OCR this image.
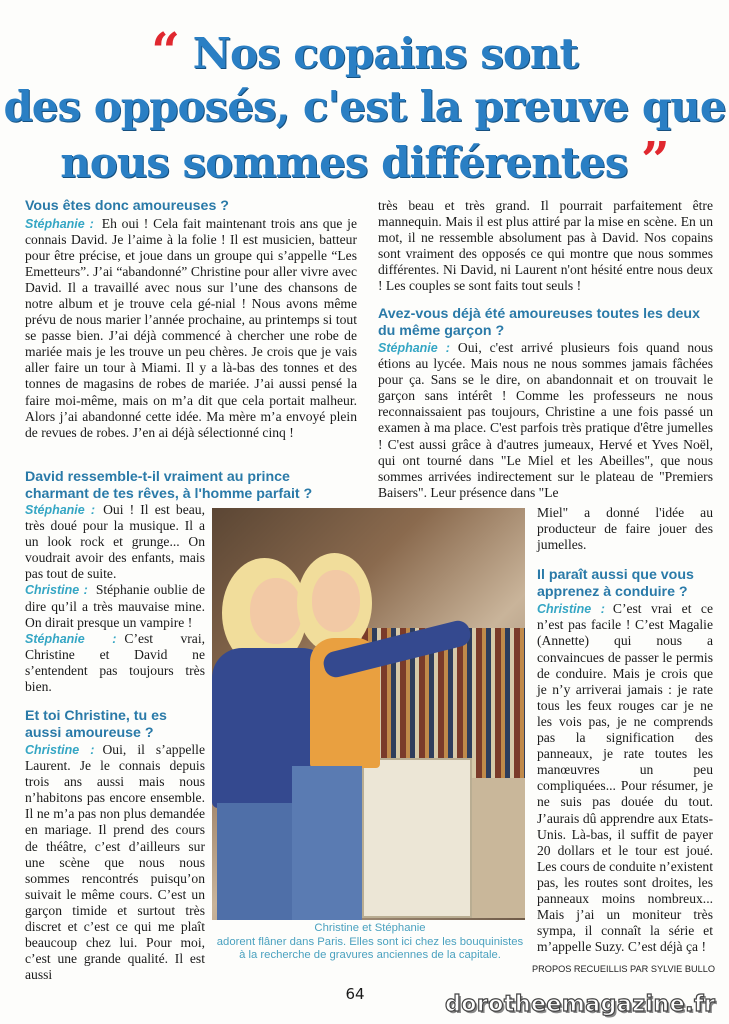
“ Nos copains sont
des opposés, c'est la preuve que
nous sommes différentes ”
Vous êtes donc amoureuses ?

Stéphanie : Eh oui ! Cela fait maintenant trois ans que je connais David. Je l’aime à la folie ! Il est musicien, batteur pour être précise, et joue dans un groupe qui s’appelle “Les Emetteurs”. J’ai “abandonné” Christine pour aller vivre avec David. Il a travaillé avec nous sur l’une des chansons de notre album et je trouve cela gé-nial ! Nous avons même prévu de nous marier l’année prochaine, au printemps si tout se passe bien. J’ai déjà commencé à chercher une robe de mariée mais je les trouve un peu chères. Je crois que je vais aller faire un tour à Miami. Il y a là-bas des tonnes et des tonnes de magasins de robes de mariée. J’ai aussi pensé la faire moi-même, mais on m’a dit que cela portait malheur. Alors j’ai abandonné cette idée. Ma mère m’a envoyé plein de revues de robes. J’en ai déjà sélectionné cinq !

David ressemble-t-il vraiment au prince charmant de tes rêves, à l'homme parfait ?

Stéphanie : Oui ! Il est beau, très doué pour la musique. Il a un look rock et grunge... On voudrait avoir des enfants, mais pas tout de suite.

Christine : Stéphanie oublie de dire qu’il a très mauvaise mine. On dirait presque un vampire !

Stéphanie : C’est vrai, Christine et David ne s’entendent pas toujours très bien.

Et toi Christine, tu es aussi amoureuse ?

Christine : Oui, il s’appelle Laurent. Je le connais depuis trois ans aussi mais nous n’habitons pas encore ensemble. Il ne m’a pas non plus demandée en mariage. Il prend des cours de théâtre, c’est d’ailleurs sur une scène que nous nous sommes rencontrés puisqu’on suivait le même cours. C’est un garçon timide et surtout très discret et c’est ce qui me plaît beaucoup chez lui. Pour moi, c’est une grande qualité. Il est aussi

très beau et très grand. Il pourrait parfaitement être mannequin. Mais il est plus attiré par la mise en scène. En un mot, il ne ressemble absolument pas à David. Nos copains sont vraiment des opposés ce qui montre que nous sommes différentes. Ni David, ni Laurent n'ont hésité entre nous deux ! Les couples se sont faits tout seuls !

Avez-vous déjà été amoureuses toutes les deux du même garçon ?

Stéphanie : Oui, c'est arrivé plusieurs fois quand nous étions au lycée. Mais nous ne nous sommes jamais fâchées pour ça. Sans se le dire, on abandonnait et on trouvait le garçon sans intérêt ! Comme les professeurs ne nous reconnaissaient pas toujours, Christine a une fois passé un examen à ma place. C'est parfois très pratique d'être jumelles ! C'est aussi grâce à d'autres jumeaux, Hervé et Yves Noël, qui ont tourné dans "Le Miel et les Abeilles", que nous sommes arrivées indirectement sur le plateau de "Premiers Baisers". Leur présence dans "Le

Miel" a donné l'idée au producteur de faire jouer des jumelles.

Il paraît aussi que vous apprenez à conduire ?

Christine : C’est vrai et ce n’est pas facile ! C’est Magalie (Annette) qui nous a convaincues de passer le permis de conduire. Mais je crois que je n’y arriverai jamais : je rate tous les feux rouges car je ne les vois pas, je ne comprends pas la signification des panneaux, je rate toutes les manœuvres un peu compliquées... Pour résumer, je ne suis pas douée du tout. J’aurais dû apprendre aux Etats-Unis. Là-bas, il suffit de payer 20 dollars et le tour est joué. Les cours de conduite n’existent pas, les routes sont droites, les panneaux moins nombreux... Mais j’ai un moniteur très sympa, il connaît la série et m’appelle Suzy. C’est déjà ça !

Christine et Stéphanie
adorent flâner dans Paris. Elles sont ici chez les bouquinistes à la recherche de gravures anciennes de la capitale.
PROPOS RECUEILLIS PAR SYLVIE BULLO
64	dorotheemagazine.fr
